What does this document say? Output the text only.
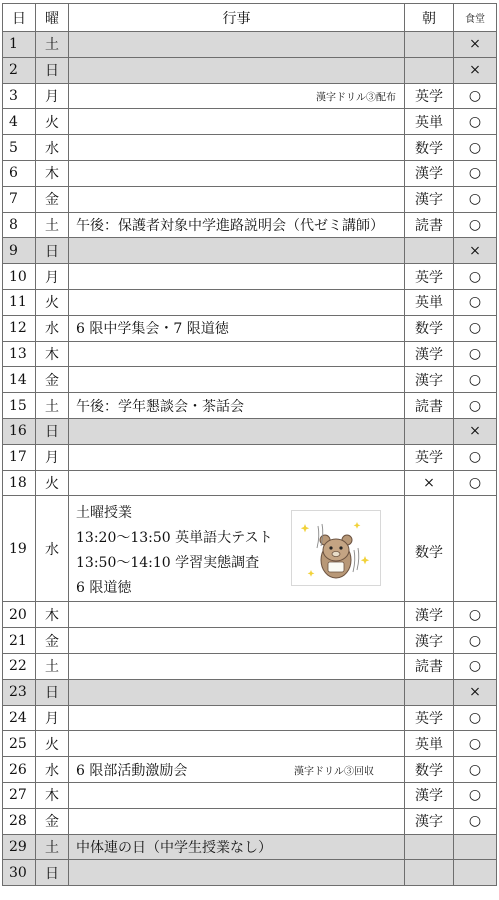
日	曜	行事	朝	食堂
1	土			×
2	日			×
3	月	漢字ドリル③配布	英学	○
4	火		英単	○
5	水		数学	○
6	木		漢学	○
7	金		漢字	○
8	土	午後：保護者対象中学進路説明会（代ゼミ講師）	読書	○
9	日			×
10	月		英学	○
11	火		英単	○
12	水	6 限中学集会・7 限道徳	数学	○
13	木		漢学	○
14	金		漢字	○
15	土	午後：学年懇談会・茶話会	読書	○
16	日			×
17	月		英学	○
18	火		×	○
19	水	土曜授業
13:20〜13:50 英単語大テスト
13:50〜14:10 学習実態調査
6 限道徳	数学	
20	木		漢学	○
21	金		漢字	○
22	土		読書	○
23	日			×
24	月		英学	○
25	火		英単	○
26	水	6 限部活動激励会 漢字ドリル③回収	数学	○
27	木		漢学	○
28	金		漢字	○
29	土	中体連の日（中学生授業なし）		
30	日			
